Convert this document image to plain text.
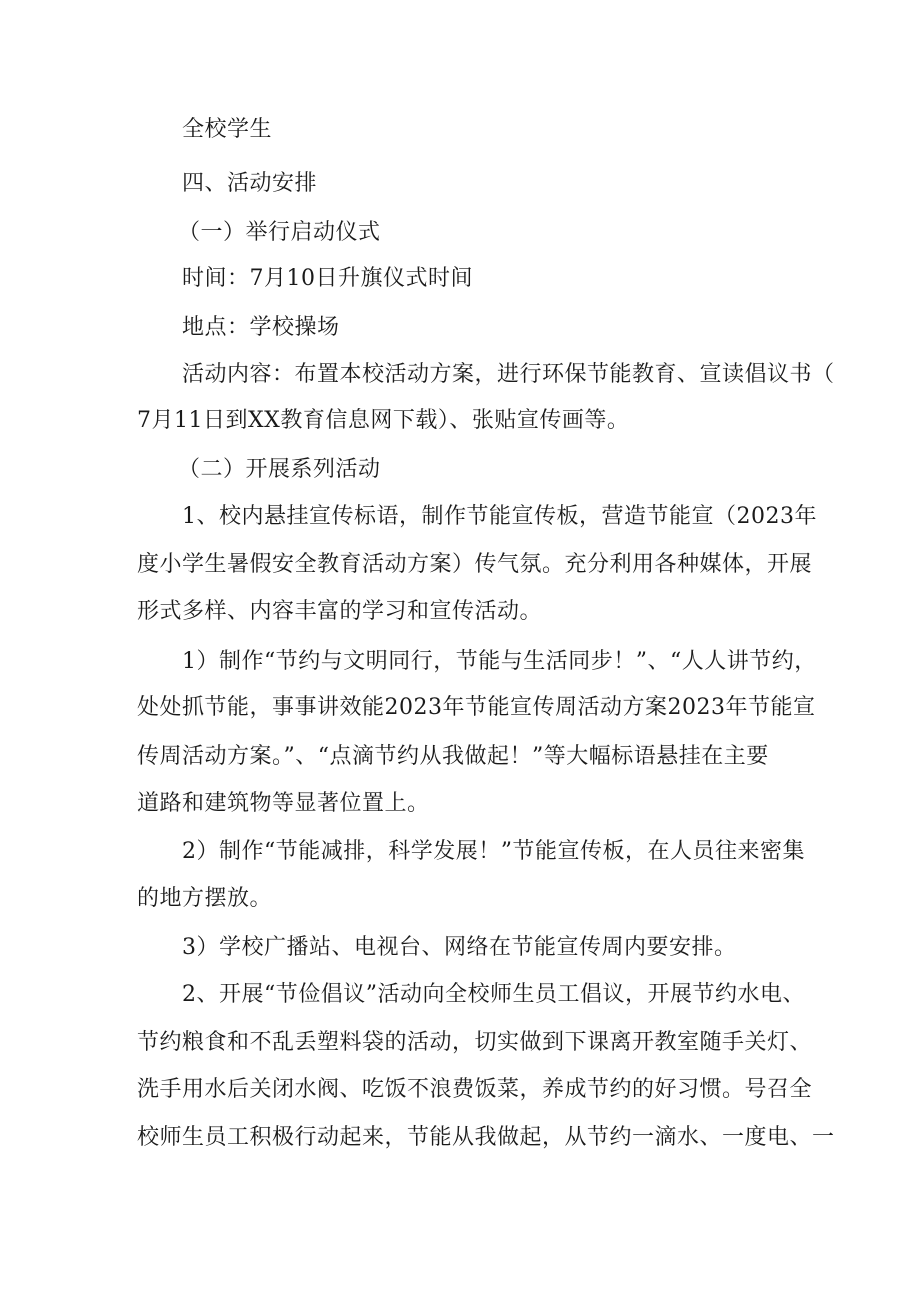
全校学生
四、活动安排
（一）举行启动仪式
时间：7月10日升旗仪式时间
地点：学校操场
活动内容：布置本校活动方案，进行环保节能教育、宣读倡议书（
7月11日到XX教育信息网下载）、张贴宣传画等。
（二）开展系列活动
1、校内悬挂宣传标语，制作节能宣传板，营造节能宣（2023年
度小学生暑假安全教育活动方案）传气氛。充分利用各种媒体，开展
形式多样、内容丰富的学习和宣传活动。
1）制作“节约与文明同行，节能与生活同步！”、“人人讲节约，
处处抓节能，事事讲效能2023年节能宣传周活动方案2023年节能宣
传周活动方案。”、“点滴节约从我做起！”等大幅标语悬挂在主要
道路和建筑物等显著位置上。
2）制作“节能减排，科学发展！”节能宣传板，在人员往来密集
的地方摆放。
3）学校广播站、电视台、网络在节能宣传周内要安排。
2、开展“节俭倡议”活动向全校师生员工倡议，开展节约水电、
节约粮食和不乱丢塑料袋的活动，切实做到下课离开教室随手关灯、
洗手用水后关闭水阀、吃饭不浪费饭菜，养成节约的好习惯。号召全
校师生员工积极行动起来，节能从我做起，从节约一滴水、一度电、一
